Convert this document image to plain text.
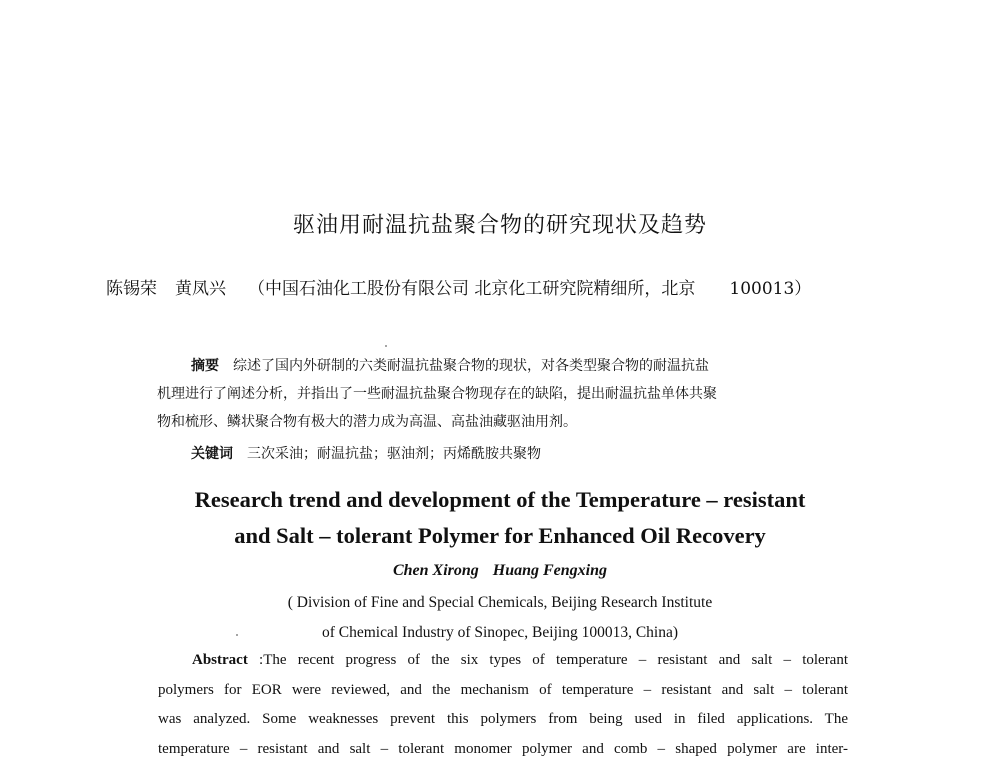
驱油用耐温抗盐聚合物的研究现状及趋势
陈锡荣 黄凤兴 （中国石油化工股份有限公司 北京化工研究院精细所，北京　　100013）
摘要 综述了国内外研制的六类耐温抗盐聚合物的现状，对各类型聚合物的耐温抗盐
机理进行了阐述分析，并指出了一些耐温抗盐聚合物现存在的缺陷，提出耐温抗盐单体共聚
物和梳形、鳞状聚合物有极大的潜力成为高温、高盐油藏驱油用剂。
关键词 三次采油；耐温抗盐；驱油剂；丙烯酰胺共聚物
Research trend and development of the Temperature – resistant
and Salt – tolerant Polymer for Enhanced Oil Recovery
Chen Xirong Huang Fengxing
( Division of Fine and Special Chemicals, Beijing Research Institute
of Chemical Industry of Sinopec, Beijing 100013, China)
Abstract :The recent progress of the six types of temperature – resistant and salt – tolerant
polymers for EOR were reviewed, and the mechanism of temperature – resistant and salt – tolerant
was analyzed. Some weaknesses prevent this polymers from being used in filed applications. The
temperature – resistant and salt – tolerant monomer polymer and comb – shaped polymer are inter-
